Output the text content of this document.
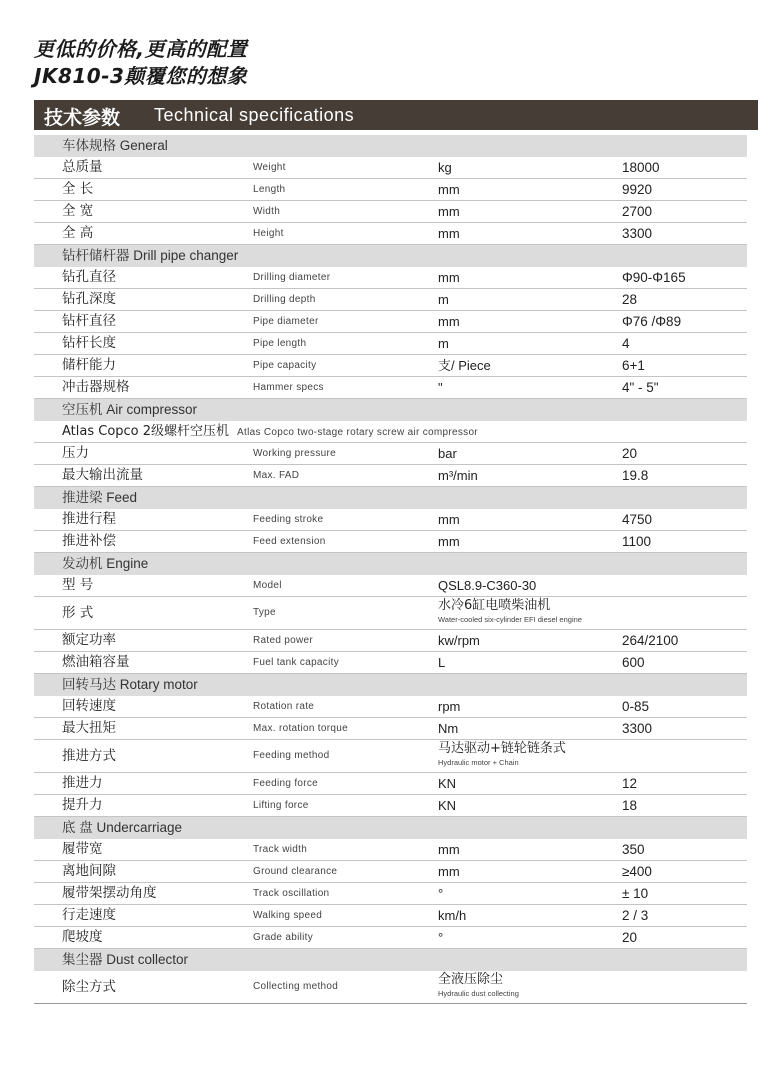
更低的价格,更高的配置
JK810-3颠覆您的想象
技术参数 Technical specifications
车体规格 General
总质量	Weight	kg	18000
全 长	Length	mm	9920
全 宽	Width	mm	2700
全 高	Height	mm	3300
钻杆储杆器 Drill pipe changer
钻孔直径	Drilling diameter	mm	Φ90-Φ165
钻孔深度	Drilling depth	m	28
钻杆直径	Pipe diameter	mm	Φ76 /Φ89
钻杆长度	Pipe length	m	4
储杆能力	Pipe capacity	支/ Piece	6+1
冲击器规格	Hammer specs	"	4" - 5"
空压机 Air compressor
Atlas Copco 2级螺杆空压机 Atlas Copco two-stage rotary screw air compressor
压力	Working pressure	bar	20
最大输出流量	Max. FAD	m³/min	19.8
推进梁 Feed
推进行程	Feeding stroke	mm	4750
推进补偿	Feed extension	mm	1100
发动机 Engine
型 号	Model	QSL8.9-C360-30
形 式	Type	水冷6缸电喷柴油机
Water-cooled six-cylinder EFI diesel engine
额定功率	Rated power	kw/rpm	264/2100
燃油箱容量	Fuel tank capacity	L	600
回转马达 Rotary motor
回转速度	Rotation rate	rpm	0-85
最大扭矩	Max. rotation torque	Nm	3300
推进方式	Feeding method	马达驱动+链轮链条式
Hydraulic motor + Chain
推进力	Feeding force	KN	12
提升力	Lifting force	KN	18
底 盘 Undercarriage
履带宽	Track width	mm	350
离地间隙	Ground clearance	mm	≥400
履带架摆动角度	Track oscillation	°	± 10
行走速度	Walking speed	km/h	2 / 3
爬坡度	Grade ability	°	20
集尘器 Dust collector
除尘方式	Collecting method	全液压除尘
Hydraulic dust collecting
